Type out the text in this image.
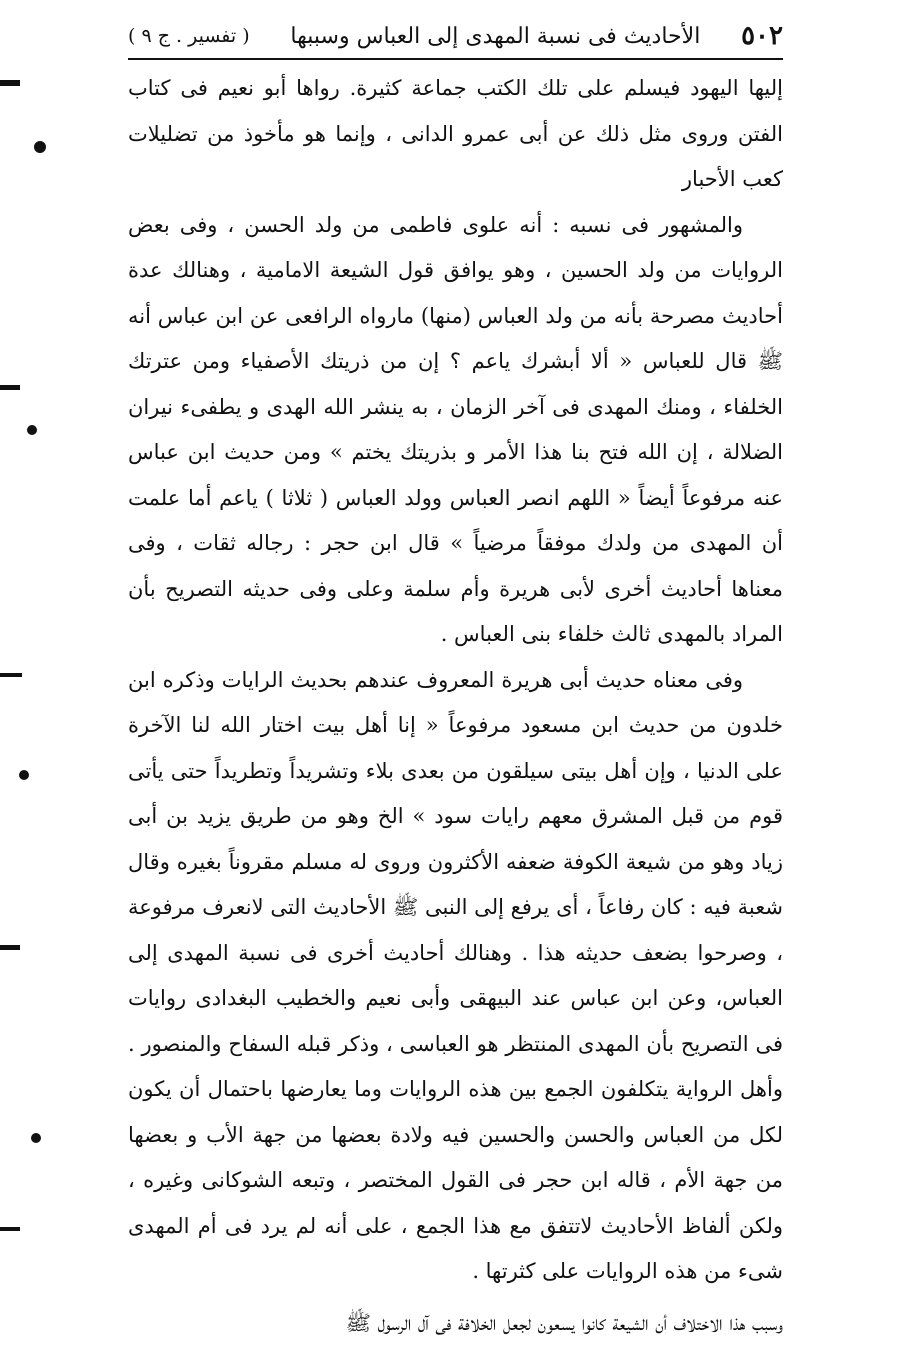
٥٠٢
الأحاديث فى نسبة المهدى إلى العباس وسببها
( تفسير . ج ٩ )

إليها اليهود فيسلم على تلك الكتب جماعة كثيرة. رواها أبو نعيم فى كتاب الفتن وروى مثل ذلك عن أبى عمرو الدانى ، وإنما هو مأخوذ من تضليلات كعب الأحبار

والمشهور فى نسبه : أنه علوى فاطمى من ولد الحسن ، وفى بعض الروايات من ولد الحسين ، وهو يوافق قول الشيعة الامامية ، وهنالك عدة أحاديث مصرحة بأنه من ولد العباس (منها) مارواه الرافعى عن ابن عباس أنه ﷺ قال للعباس « ألا أبشرك ياعم ؟ إن من ذريتك الأصفياء ومن عترتك الخلفاء ، ومنك المهدى فى آخر الزمان ، به ينشر الله الهدى و يطفىء نيران الضلالة ، إن الله فتح بنا هذا الأمر و بذريتك يختم » ومن حديث ابن عباس عنه مرفوعاً أيضاً « اللهم انصر العباس وولد العباس ( ثلاثا ) ياعم أما علمت أن المهدى من ولدك موفقاً مرضياً » قال ابن حجر : رجاله ثقات ، وفى معناها أحاديث أخرى لأبى هريرة وأم سلمة وعلى وفى حديثه التصريح بأن المراد بالمهدى ثالث خلفاء بنى العباس .

وفى معناه حديث أبى هريرة المعروف عندهم بحديث الرايات وذكره ابن خلدون من حديث ابن مسعود مرفوعاً « إنا أهل بيت اختار الله لنا الآخرة على الدنيا ، وإن أهل بيتى سيلقون من بعدى بلاء وتشريداً وتطريداً حتى يأتى قوم من قبل المشرق معهم رايات سود » الخ وهو من طريق يزيد بن أبى زياد وهو من شيعة الكوفة ضعفه الأكثرون وروى له مسلم مقروناً بغيره وقال شعبة فيه : كان رفاعاً ، أى يرفع إلى النبى ﷺ الأحاديث التى لانعرف مرفوعة ، وصرحوا بضعف حديثه هذا . وهنالك أحاديث أخرى فى نسبة المهدى إلى العباس، وعن ابن عباس عند البيهقى وأبى نعيم والخطيب البغدادى روايات فى التصريح بأن المهدى المنتظر هو العباسى ، وذكر قبله السفاح والمنصور . وأهل الرواية يتكلفون الجمع بين هذه الروايات وما يعارضها باحتمال أن يكون لكل من العباس والحسن والحسين فيه ولادة بعضها من جهة الأب و بعضها من جهة الأم ، قاله ابن حجر فى القول المختصر ، وتبعه الشوكانى وغيره ، ولكن ألفاظ الأحاديث لاتتفق مع هذا الجمع ، على أنه لم يرد فى أم المهدى شىء من هذه الروايات على كثرتها .

وسبب هذا الاختلاف أن الشيعة كانوا يسعون لجعل الخلافة فى آل الرسول ﷺ
